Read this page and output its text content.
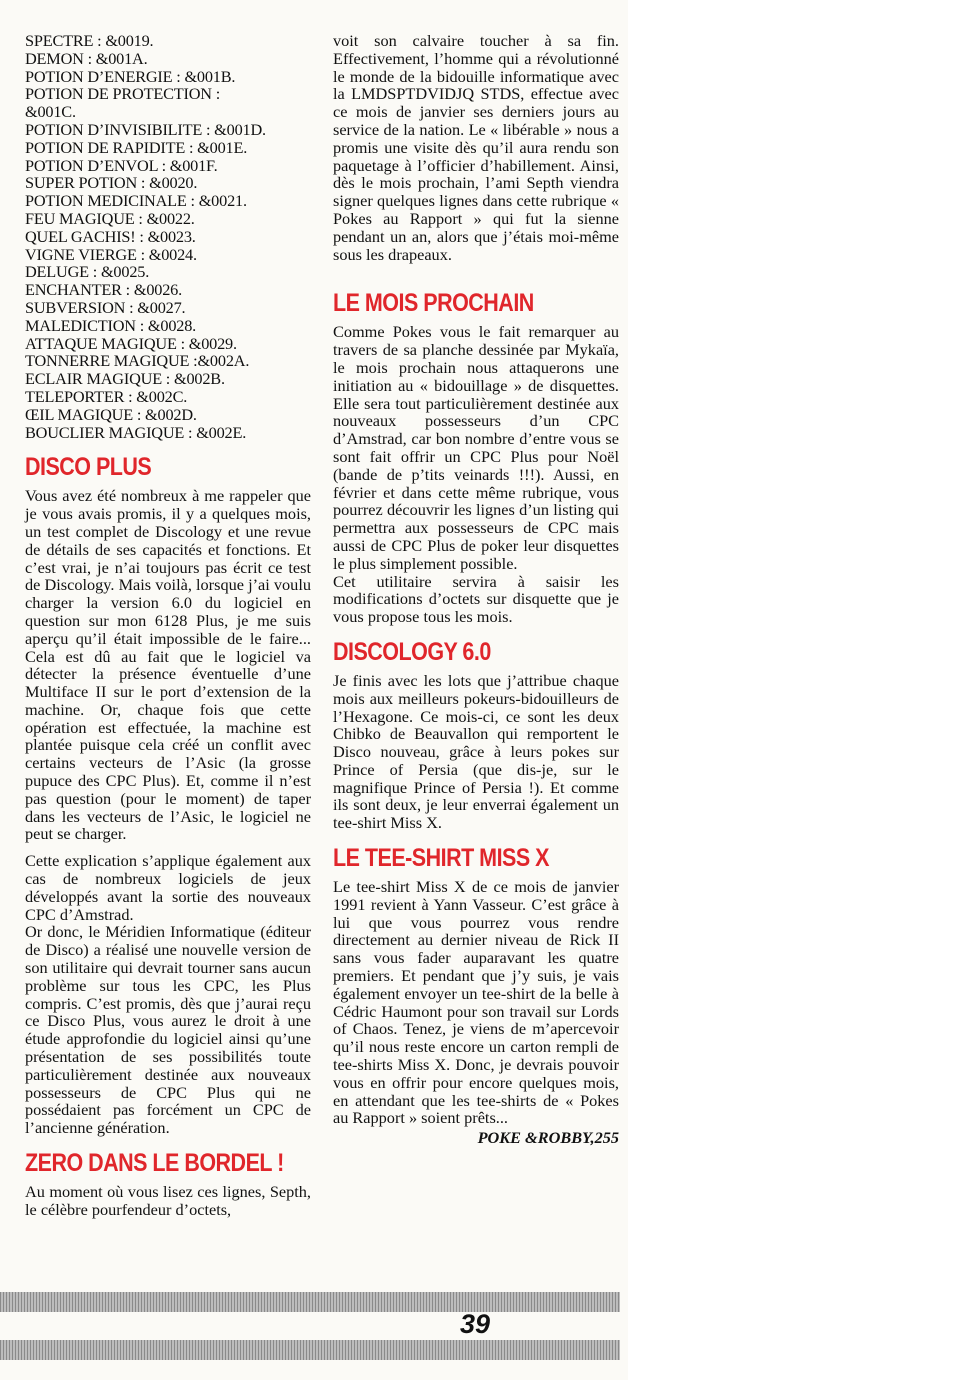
SPECTRE : &0019.
DEMON : &001A.
POTION D’ENERGIE : &001B.
POTION DE PROTECTION :
&001C.
POTION D’INVISIBILITE : &001D.
POTION DE RAPIDITE : &001E.
POTION D’ENVOL : &001F.
SUPER POTION : &0020.
POTION MEDICINALE : &0021.
FEU MAGIQUE : &0022.
QUEL GACHIS! : &0023.
VIGNE VIERGE : &0024.
DELUGE : &0025.
ENCHANTER : &0026.
SUBVERSION : &0027.
MALEDICTION : &0028.
ATTAQUE MAGIQUE : &0029.
TONNERRE MAGIQUE :&002A.
ECLAIR MAGIQUE : &002B.
TELEPORTER : &002C.
ŒIL MAGIQUE : &002D.
BOUCLIER MAGIQUE : &002E.
DISCO PLUS

Vous avez été nombreux à me rappeler que je vous avais promis, il y a quelques mois, un test complet de Discology et une revue de détails de ses capacités et fonctions. Et c’est vrai, je n’ai toujours pas écrit ce test de Discology. Mais voilà, lorsque j’ai voulu charger la version 6.0 du logiciel en question sur mon 6128 Plus, je me suis aperçu qu’il était impossible de le faire... Cela est dû au fait que le logiciel va détecter la présence éventuelle d’une Multiface II sur le port d’extension de la machine. Or, chaque fois que cette opération est effectuée, la machine est plantée puisque cela créé un conflit avec certains vecteurs de l’Asic (la grosse pupuce des CPC Plus). Et, comme il n’est pas question (pour le moment) de taper dans les vecteurs de l’Asic, le logiciel ne peut se charger.

Cette explication s’applique également aux cas de nombreux logiciels de jeux développés avant la sortie des nouveaux CPC d’Amstrad.

Or donc, le Méridien Informatique (éditeur de Disco) a réalisé une nouvelle version de son utilitaire qui devrait tourner sans aucun problème sur tous les CPC, les Plus compris. C’est promis, dès que j’aurai reçu ce Disco Plus, vous aurez le droit à une étude approfondie du logiciel ainsi qu’une présentation de ses possibilités toute particulièrement destinée aux nouveaux possesseurs de CPC Plus qui ne possédaient pas forcément un CPC de l’ancienne génération.

ZERO DANS LE BORDEL !

Au moment où vous lisez ces lignes, Septh, le célèbre pourfendeur d’octets,

voit son calvaire toucher à sa fin. Effectivement, l’homme qui a révolutionné le monde de la bidouille informatique avec la LMDSPTDVIDJQ STDS, effectue avec ce mois de janvier ses derniers jours au service de la nation. Le « libérable » nous a promis une visite dès qu’il aura rendu son paquetage à l’officier d’habillement. Ainsi, dès le mois prochain, l’ami Septh viendra signer quelques lignes dans cette rubrique « Pokes au Rapport » qui fut la sienne pendant un an, alors que j’étais moi-même sous les drapeaux.

LE MOIS PROCHAIN

Comme Pokes vous le fait remarquer au travers de sa planche dessinée par Mykaïa, le mois prochain nous attaquerons une initiation au « bidouillage » de disquettes. Elle sera tout particulièrement destinée aux nouveaux possesseurs d’un CPC d’Amstrad, car bon nombre d’entre vous se sont fait offrir un CPC Plus pour Noël (bande de p’tits veinards !!!). Aussi, en février et dans cette même rubrique, vous pourrez découvrir les lignes d’un listing qui permettra aux possesseurs de CPC mais aussi de CPC Plus de poker leur disquettes le plus simplement possible.

Cet utilitaire servira à saisir les modifications d’octets sur disquette que je vous propose tous les mois.

DISCOLOGY 6.0

Je finis avec les lots que j’attribue chaque mois aux meilleurs pokeurs-bidouilleurs de l’Hexagone. Ce mois-ci, ce sont les deux Chibko de Beauvallon qui remportent le Disco nouveau, grâce à leurs pokes sur Prince of Persia (que dis-je, sur le magnifique Prince of Persia !). Et comme ils sont deux, je leur enverrai également un tee-shirt Miss X.

LE TEE-SHIRT MISS X

Le tee-shirt Miss X de ce mois de janvier 1991 revient à Yann Vasseur. C’est grâce à lui que vous pourrez vous rendre directement au dernier niveau de Rick II sans vous fader auparavant les quatre premiers. Et pendant que j’y suis, je vais également envoyer un tee-shirt de la belle à Cédric Haumont pour son travail sur Lords of Chaos. Tenez, je viens de m’apercevoir qu’il nous reste encore un carton rempli de tee-shirts Miss X. Donc, je devrais pouvoir vous en offrir pour encore quelques mois, en attendant que les tee-shirts de « Pokes au Rapport » soient prêts...

POKE &ROBBY,255
39
